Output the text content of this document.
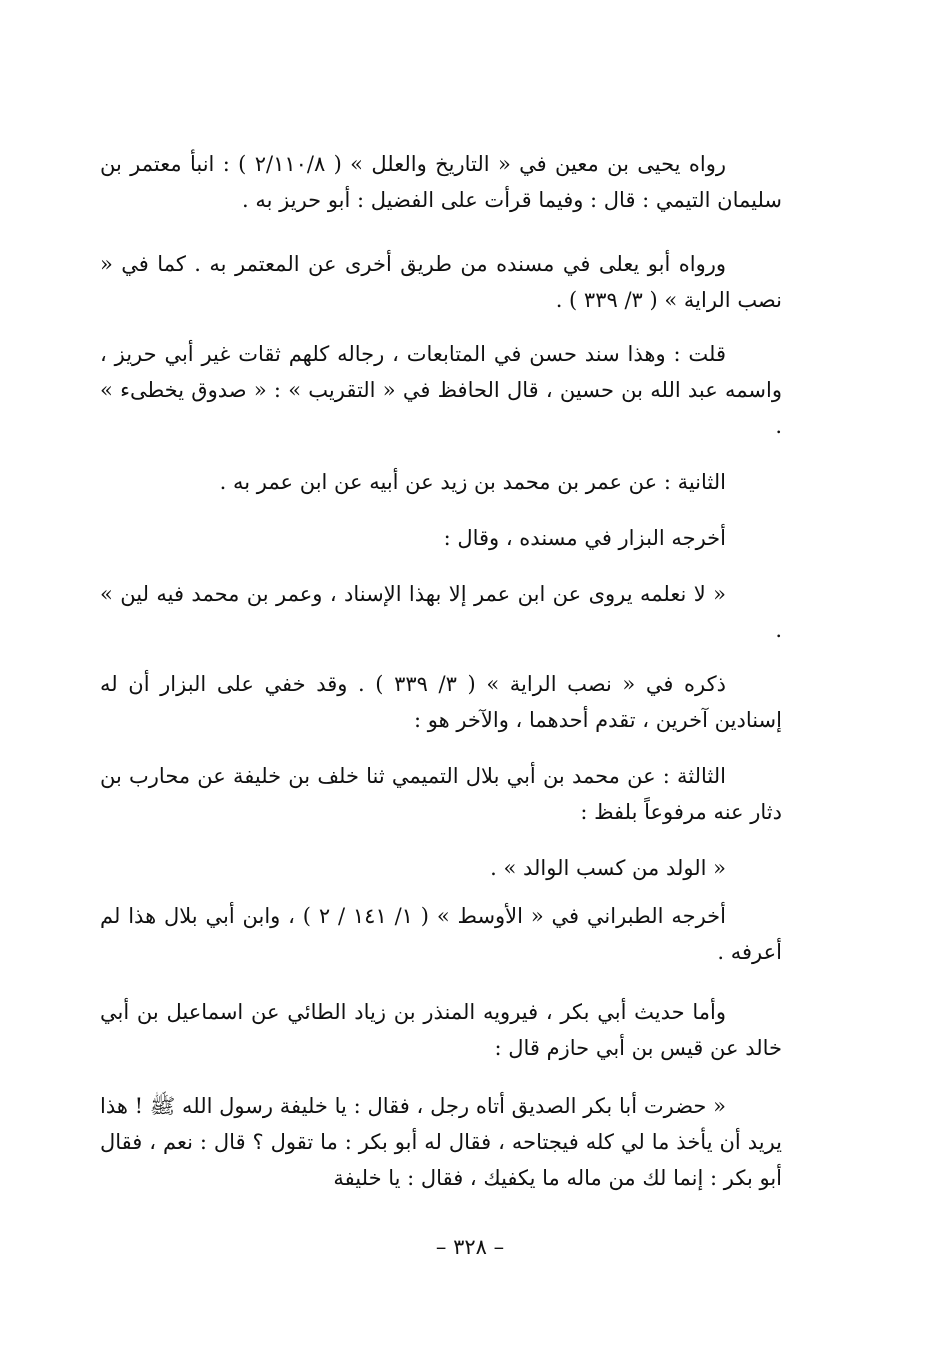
رواه يحيى بن معين في « التاريخ والعلل » ( ٢/١١٠/٨ ) : انبأ معتمر بن سليمان التيمي : قال : وفيما قرأت على الفضيل : أبو حريز به .

ورواه أبو يعلى في مسنده من طريق أخرى عن المعتمر به . كما في « نصب الراية » ( ٣/ ٣٣٩ ) .

قلت : وهذا سند حسن في المتابعات ، رجاله كلهم ثقات غير أبي حريز ، واسمه عبد الله بن حسين ، قال الحافظ في « التقريب » : « صدوق يخطىء » .

الثانية : عن عمر بن محمد بن زيد عن أبيه عن ابن عمر به .

أخرجه البزار في مسنده ، وقال :

« لا نعلمه يروى عن ابن عمر إلا بهذا الإسناد ، وعمر بن محمد فيه لين » .

ذكره في « نصب الراية » ( ٣/ ٣٣٩ ) . وقد خفي على البزار أن له إسنادين آخرين ، تقدم أحدهما ، والآخر هو :

الثالثة : عن محمد بن أبي بلال التميمي ثنا خلف بن خليفة عن محارب بن دثار عنه مرفوعاً بلفظ :

« الولد من كسب الوالد » .

أخرجه الطبراني في « الأوسط » ( ١/ ١٤١ / ٢ ) ، وابن أبي بلال هذا لم أعرفه .

وأما حديث أبي بكر ، فيرويه المنذر بن زياد الطائي عن اسماعيل بن أبي خالد عن قيس بن أبي حازم قال :

« حضرت أبا بكر الصديق أتاه رجل ، فقال : يا خليفة رسول الله ﷺ ! هذا يريد أن يأخذ ما لي كله فيجتاحه ، فقال له أبو بكر : ما تقول ؟ قال : نعم ، فقال أبو بكر : إنما لك من ماله ما يكفيك ، فقال : يا خليفة

– ٣٢٨ –
